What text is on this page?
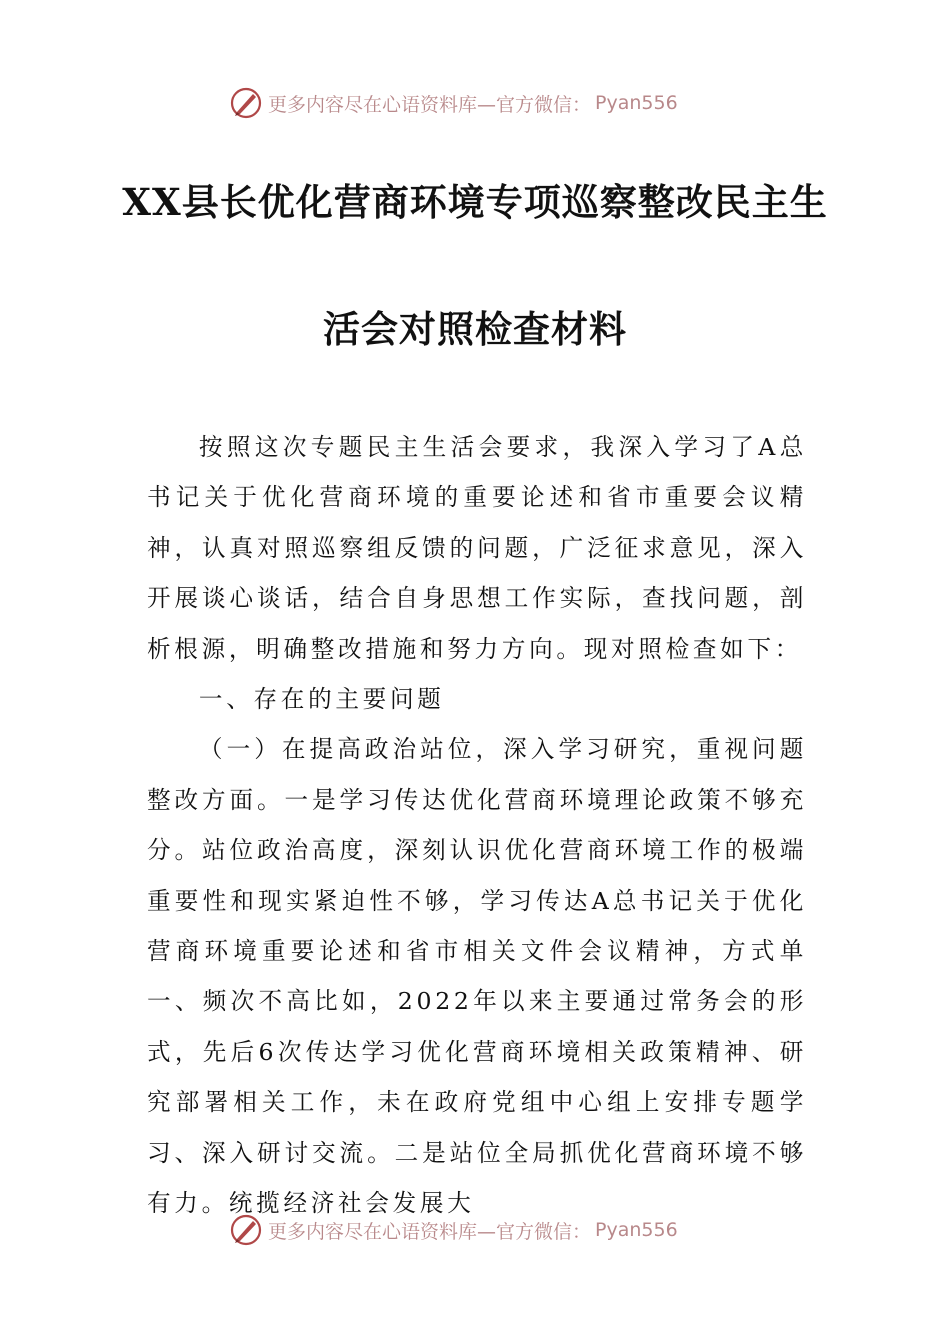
更多内容尽在心语资料库—官方微信： Pyan556
XX县长优化营商环境专项巡察整改民主生
活会对照检查材料

按照这次专题民主生活会要求，我深入学习了A总书记关于优化营商环境的重要论述和省市重要会议精神，认真对照巡察组反馈的问题，广泛征求意见，深入开展谈心谈话，结合自身思想工作实际，查找问题，剖析根源，明确整改措施和努力方向。现对照检查如下：

一、存在的主要问题

（一）在提高政治站位，深入学习研究，重视问题整改方面。一是学习传达优化营商环境理论政策不够充分。站位政治高度，深刻认识优化营商环境工作的极端重要性和现实紧迫性不够，学习传达A总书记关于优化营商环境重要论述和省市相关文件会议精神，方式单一、频次不高比如，2022年以来主要通过常务会的形式，先后6次传达学习优化营商环境相关政策精神、研究部署相关工作，未在政府党组中心组上安排专题学习、深入研讨交流。二是站位全局抓优化营商环境不够有力。统揽经济社会发展大

更多内容尽在心语资料库—官方微信： Pyan556
